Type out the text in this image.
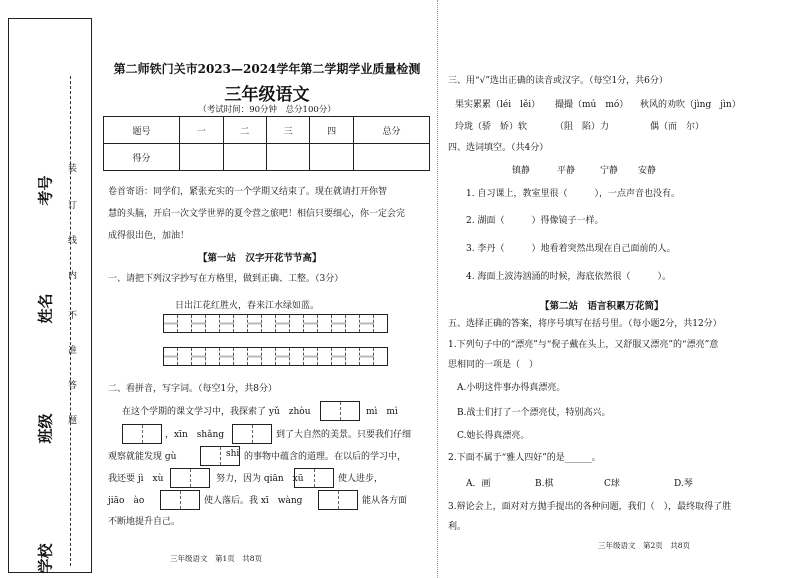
考号
姓名
班级
学校
装
订
线
内
不
准
答
题
第二师铁门关市2023—2024学年第二学期学业质量检测
三年级语文
（考试时间：90分钟　总分100分）
题号	一	二	三	四	总分
得分					
卷首寄语：同学们，紧张充实的一个学期又结束了。现在就请打开你智
慧的头脑，开启一次文学世界的夏令营之旅吧！相信只要细心，你一定会完
成得很出色，加油！
【第一站　汉字开花节节高】
一、请把下列汉字抄写在方格里，做到正确、工整。（3分）
日出江花红胜火，春来江水绿如蓝。
二、看拼音，写字词。（每空1分，共8分）
在这个学期的课文学习中，我探索了 yǔ　zhòu	mì　mì
，xīn　shǎng	到了大自然的美景。只要我们仔细
观察就能发现 ɡù	shi 的事物中蕴含的道理。在以后的学习中，
我还要 jì　xù	努力，因为 qiān　xū	使人进步，
jiāo　ào	使人落后。我 xī　wànɡ	能从各方面
不断地提升自己。
三年级语文　第1页　共8页
三、用“√”选出正确的读音或汉字。（每空1分，共6分）
果实累累（léi　lěi） 撮撮（mú　mó） 秋风的劝吹（jìng　jìn）
玲珑（骄　娇）软	（阻　陷）力	偶（而　尔）
四、选词填空。（共4分）
镇静	平静	宁静 安静
1. 自习课上，教室里很（　　　），一点声音也没有。
2. 湖面（　　　）得像镜子一样。
3. 李丹（　　　）地看着突然出现在自己面前的人。
4. 海面上波涛汹涌的时候，海底依然很（　　　）。
【第二站　语言积累万花筒】
五、选择正确的答案，将序号填写在括号里。（每小题2分，共12分）
1.下列句子中的“漂亮”与“倪子戴在头上，又舒服又漂亮”的“漂亮”意
思相同的一项是（　）
A.小明这件事办得真漂亮。
B.战士们打了一个漂亮仗，特别高兴。
C.她长得真漂亮。
2.下面不属于“雅人四好”的是______。
A．画	B.棋	C球	D.琴
3.辩论会上，面对对方抛手提出的各种问题，我们（　），最终取得了胜
利。
三年级语文　第2页　共8页
